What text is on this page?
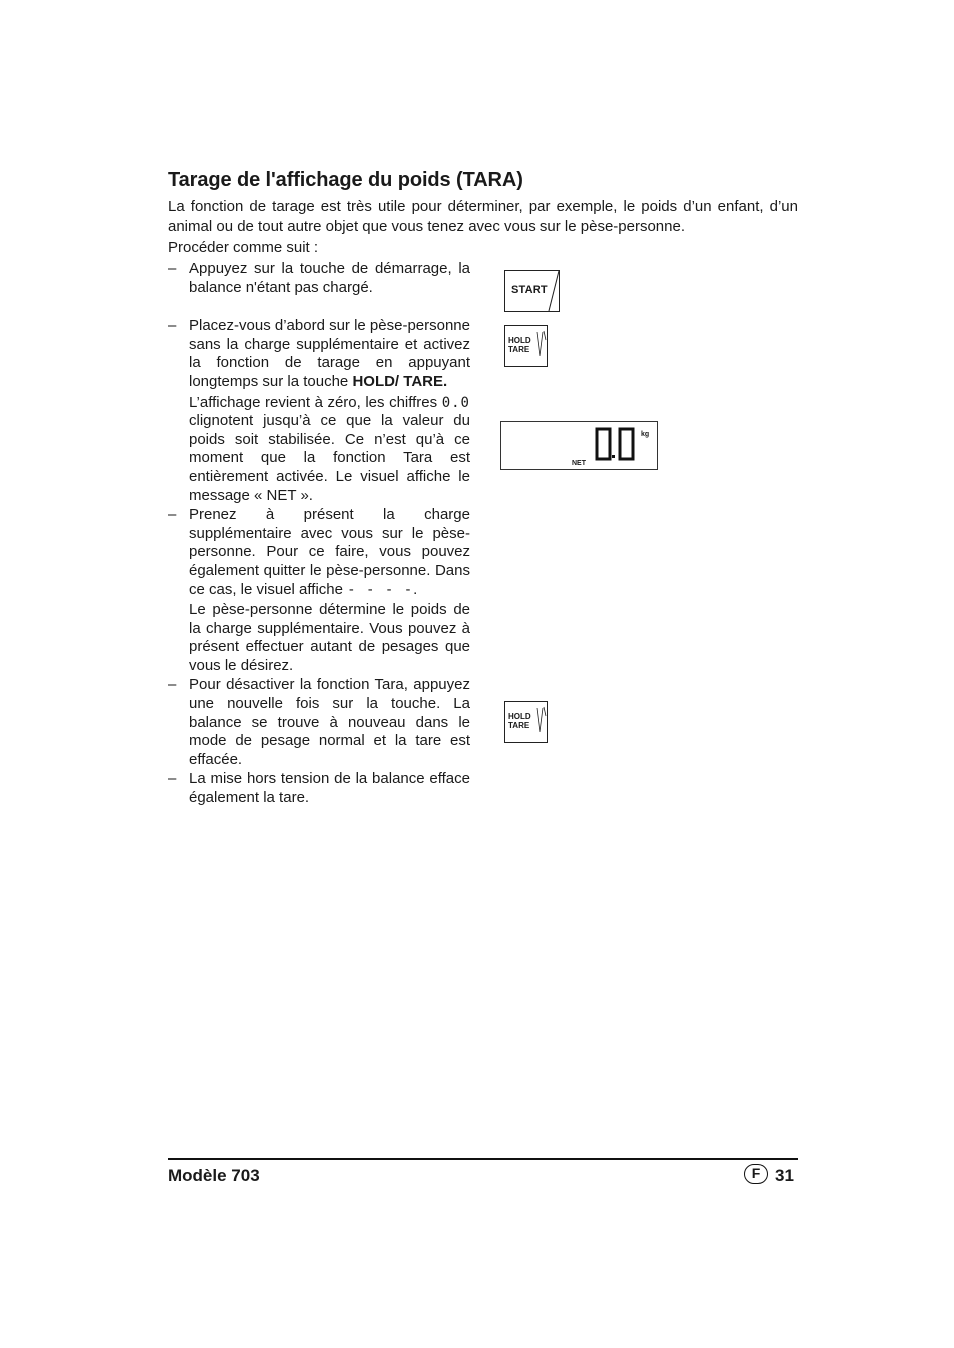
Tarage de l'affichage du poids (TARA)

La fonction de tarage est très utile pour déterminer, par exemple, le poids d’un enfant, d’un animal ou de tout autre objet que vous tenez avec vous sur le pèse-personne.

Procéder comme suit :

– Appuyez sur la touche de démarrage, la balance n'étant pas chargé.

– Placez-vous d’abord sur le pèse-personne sans la charge supplémentaire et activez la fonction de tarage en appuyant longtemps sur la touche HOLD/ TARE.

L’affichage revient à zéro, les chiffres 0.0 clignotent jusqu’à ce que la valeur du poids soit stabilisée. Ce n’est qu’à ce moment que la fonction Tara est entièrement activée. Le visuel affiche le message « NET ».

– Prenez à présent la charge supplémentaire avec vous sur le pèse-personne. Pour ce faire, vous pouvez également quitter le pèse-personne. Dans ce cas, le visuel affiche - - - -.

Le pèse-personne détermine le poids de la charge supplémentaire. Vous pouvez à présent effectuer autant de pesages que vous le désirez.

– Pour désactiver la fonction Tara, appuyez une nouvelle fois sur la touche. La balance se trouve à nouveau dans le mode de pesage normal et la tare est effacée.

– La mise hors tension de la balance efface également la tare.

START
HOLD
TARE
kg
NET
HOLD
TARE
Modèle 703	F 31
